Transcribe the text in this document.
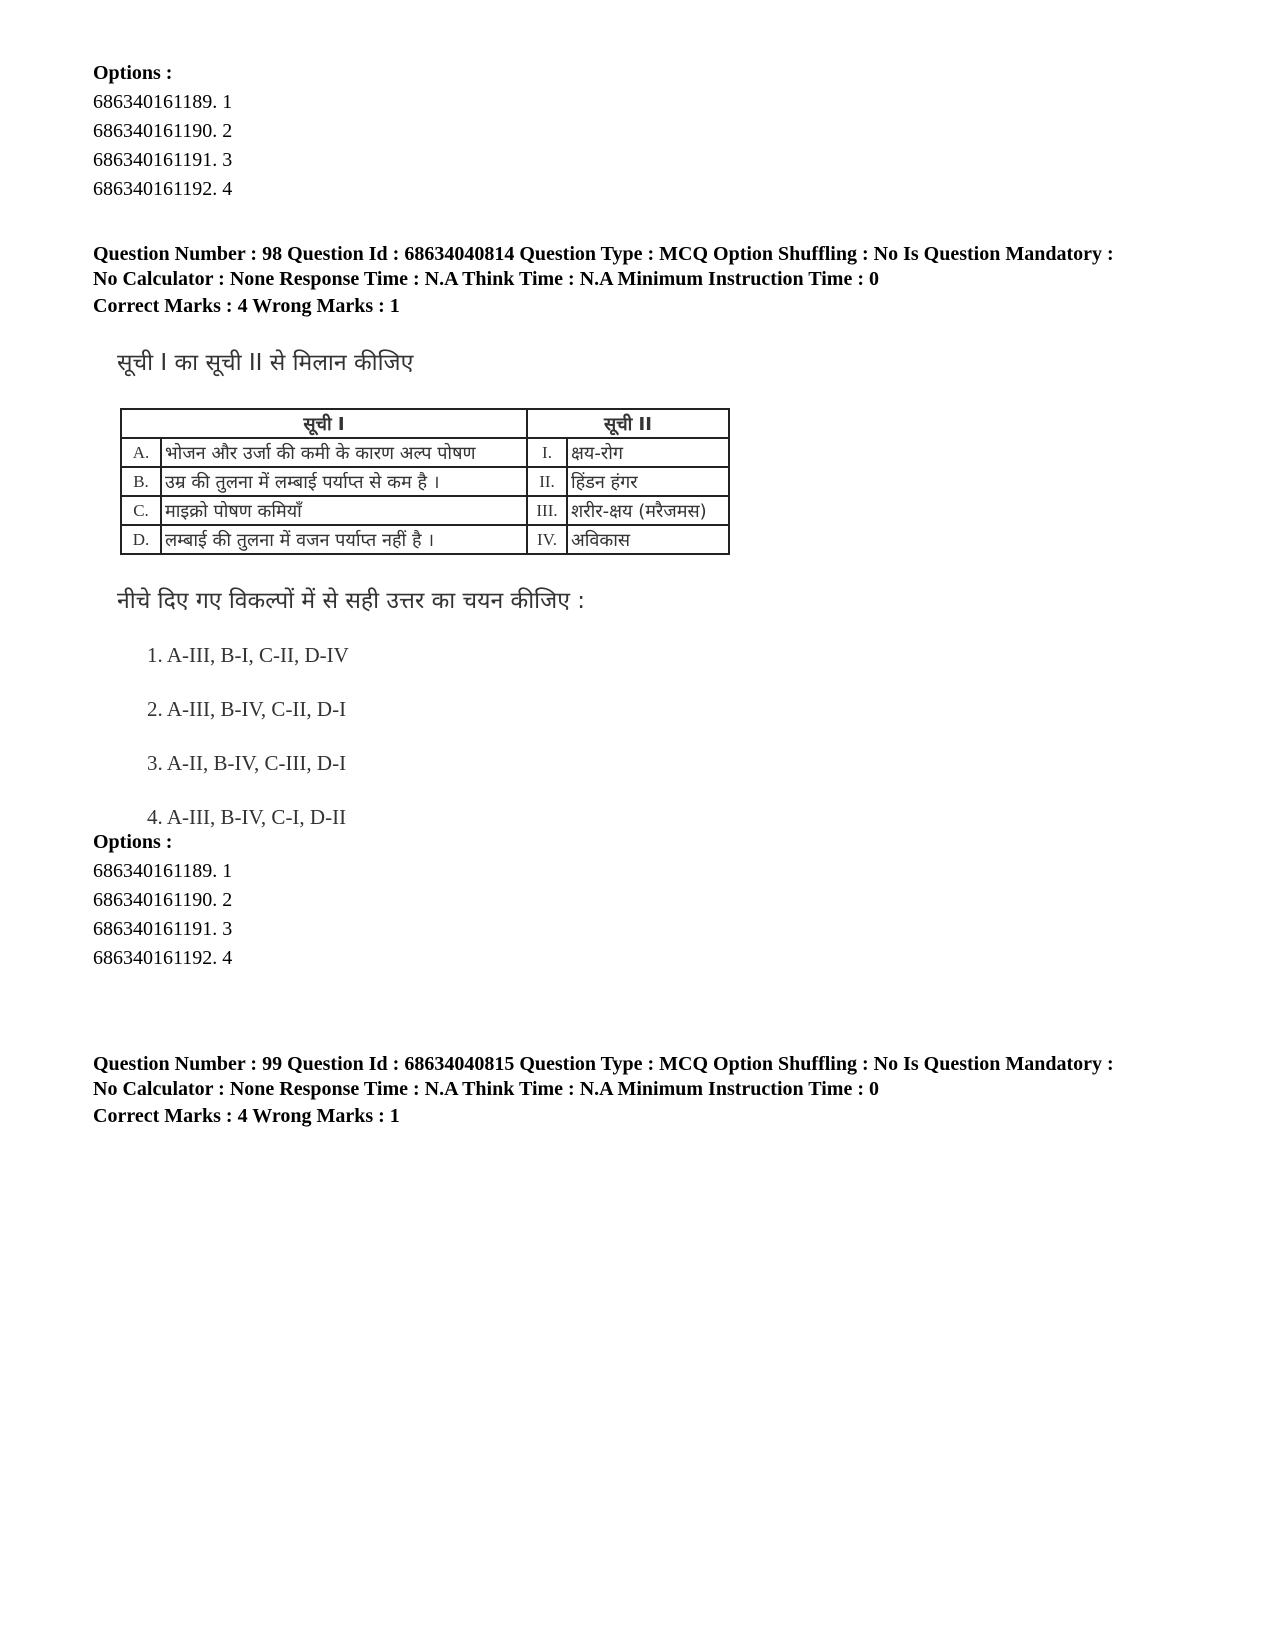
Options :
686340161189. 1
686340161190. 2
686340161191. 3
686340161192. 4
Question Number : 98 Question Id : 68634040814 Question Type : MCQ Option Shuffling : No Is Question Mandatory :
No Calculator : None Response Time : N.A Think Time : N.A Minimum Instruction Time : 0
Correct Marks : 4 Wrong Marks : 1
सूची I का सूची II से मिलान कीजिए
सूची I		सूची II	
A.	भोजन और उर्जा की कमी के कारण अल्प पोषण	I.	क्षय-रोग
B.	उम्र की तुलना में लम्बाई पर्याप्त से कम है ।	II.	हिंडन हंगर
C.	माइक्रो पोषण कमियाँ	III.	शरीर-क्षय (मरैजमस)
D.	लम्बाई की तुलना में वजन पर्याप्त नहीं है ।	IV.	अविकास
नीचे दिए गए विकल्पों में से सही उत्तर का चयन कीजिए :
1. A-III, B-I, C-II, D-IV
2. A-III, B-IV, C-II, D-I
3. A-II, B-IV, C-III, D-I
4. A-III, B-IV, C-I, D-II
Options :
686340161189. 1
686340161190. 2
686340161191. 3
686340161192. 4
Question Number : 99 Question Id : 68634040815 Question Type : MCQ Option Shuffling : No Is Question Mandatory :
No Calculator : None Response Time : N.A Think Time : N.A Minimum Instruction Time : 0
Correct Marks : 4 Wrong Marks : 1
